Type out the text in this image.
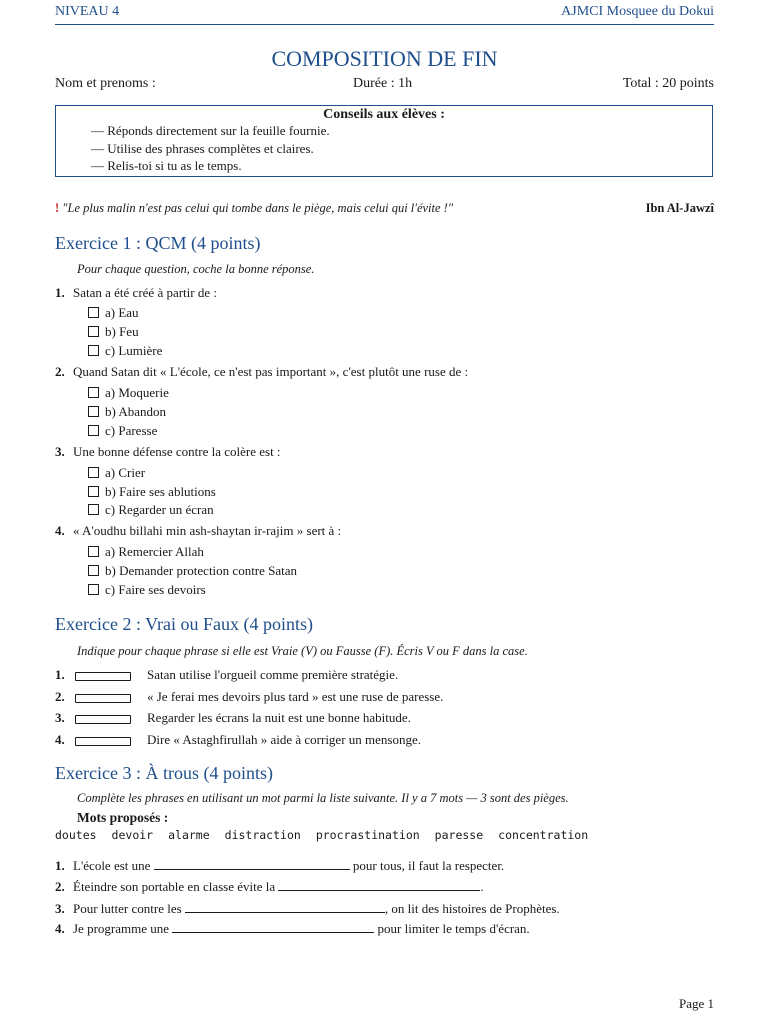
NIVEAU 4	AJMCI Mosquee du Dokui
COMPOSITION DE FIN
Nom et prenoms :	Durée : 1h	Total : 20 points
Conseils aux élèves :
— Réponds directement sur la feuille fournie.
— Utilise des phrases complètes et claires.
— Relis-toi si tu as le temps.
! "Le plus malin n'est pas celui qui tombe dans le piège, mais celui qui l'évite !"	Ibn Al-Jawzî
Exercice 1 : QCM (4 points)
Pour chaque question, coche la bonne réponse.
1. Satan a été créé à partir de :
a) Eau
b) Feu
c) Lumière
2. Quand Satan dit « L'école, ce n'est pas important », c'est plutôt une ruse de :
a) Moquerie
b) Abandon
c) Paresse
3. Une bonne défense contre la colère est :
a) Crier
b) Faire ses ablutions
c) Regarder un écran
4. « A'oudhu billahi min ash-shaytan ir-rajim » sert à :
a) Remercier Allah
b) Demander protection contre Satan
c) Faire ses devoirs
Exercice 2 : Vrai ou Faux (4 points)
Indique pour chaque phrase si elle est Vraie (V) ou Fausse (F). Écris V ou F dans la case.
1.	Satan utilise l'orgueil comme première stratégie.
2.	« Je ferai mes devoirs plus tard » est une ruse de paresse.
3.	Regarder les écrans la nuit est une bonne habitude.
4.	Dire « Astaghfirullah » aide à corriger un mensonge.
Exercice 3 : À trous (4 points)
Complète les phrases en utilisant un mot parmi la liste suivante. Il y a 7 mots — 3 sont des pièges.
Mots proposés :
doutes devoir alarme distraction procrastination paresse concentration
1. L'école est une	pour tous, il faut la respecter.
2. Éteindre son portable en classe évite la	.
3. Pour lutter contre les	, on lit des histoires de Prophètes.
4. Je programme une	pour limiter le temps d'écran.
Page 1
